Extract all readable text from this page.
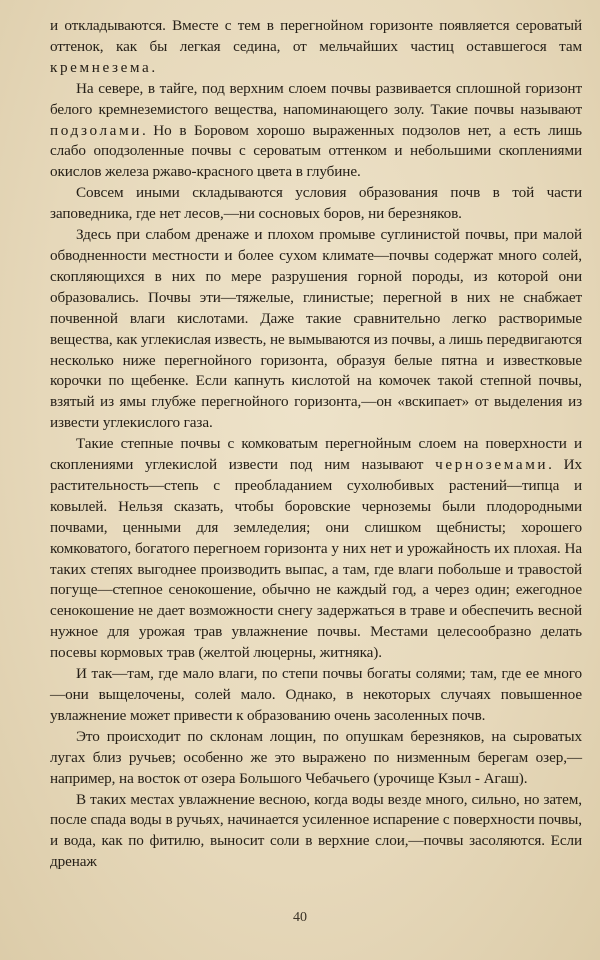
и откладываются. Вместе с тем в перегнойном горизонте появляется сероватый оттенок, как бы легкая седина, от мельчайших частиц оставшегося там кремнезема.

На севере, в тайге, под верхним слоем почвы развивается сплошной горизонт белого кремнеземистого вещества, напоминающего золу. Такие почвы называют подзолами. Но в Боровом хорошо выраженных подзолов нет, а есть лишь слабо оподзоленные почвы с сероватым оттенком и небольшими скоплениями окислов железа ржаво-красного цвета в глубине.

Совсем иными складываются условия образования почв в той части заповедника, где нет лесов,—ни сосновых боров, ни березняков.

Здесь при слабом дренаже и плохом промыве суглинистой почвы, при малой обводненности местности и более сухом климате—почвы содержат много солей, скопляющихся в них по мере разрушения горной породы, из которой они образовались. Почвы эти—тяжелые, глинистые; перегной в них не снабжает почвенной влаги кислотами. Даже такие сравнительно легко растворимые вещества, как углекислая известь, не вымываются из почвы, а лишь передвигаются несколько ниже перегнойного горизонта, образуя белые пятна и известковые корочки по щебенке. Если капнуть кислотой на комочек такой степной почвы, взятый из ямы глубже перегнойного горизонта,—он «вскипает» от выделения из извести углекислого газа.

Такие степные почвы с комковатым перегнойным слоем на поверхности и скоплениями углекислой извести под ним называют черноземами. Их растительность—степь с преобладанием сухолюбивых растений—типца и ковылей. Нельзя сказать, чтобы боровские черноземы были плодородными почвами, ценными для земледелия; они слишком щебнисты; хорошего комковатого, богатого перегноем горизонта у них нет и урожайность их плохая. На таких степях выгоднее производить выпас, а там, где влаги побольше и травостой погуще—степное сенокошение, обычно не каждый год, а через один; ежегодное сенокошение не дает возможности снегу задержаться в траве и обеспечить весной нужное для урожая трав увлажнение почвы. Местами целесообразно делать посевы кормовых трав (желтой люцерны, житняка).

И так—там, где мало влаги, по степи почвы богаты солями; там, где ее много—они выщелочены, солей мало. Однако, в некоторых случаях повышенное увлажнение может привести к образованию очень засоленных почв.

Это происходит по склонам лощин, по опушкам березняков, на сыроватых лугах близ ручьев; особенно же это выражено по низменным берегам озер,— например, на восток от озера Большого Чебачьего (урочище Кзыл - Агаш).

В таких местах увлажнение весною, когда воды везде много, сильно, но затем, после спада воды в ручьях, начинается усиленное испарение с поверхности почвы, и вода, как по фитилю, выносит соли в верхние слои,—почвы засоляются. Если дренаж

40
